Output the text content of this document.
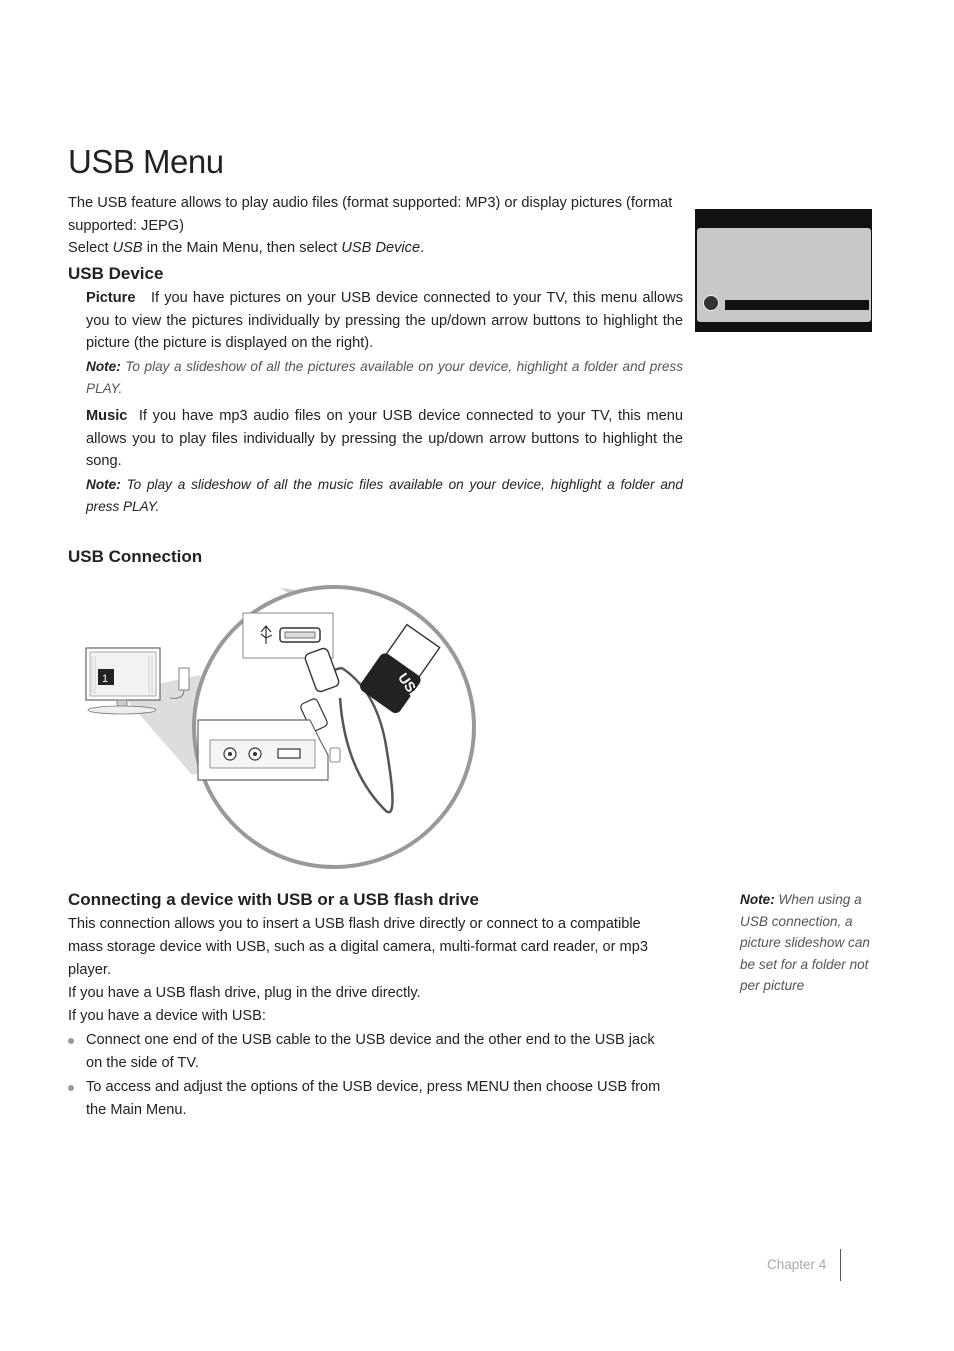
USB Menu
The USB feature allows to play audio files (format supported: MP3) or display pictures (format supported: JEPG)
Select USB in the Main Menu, then select USB Device.
USB Device
Picture If you have pictures on your USB device connected to your TV, this menu allows you to view the pictures individually by pressing the up/down arrow buttons to highlight the picture (the picture is displayed on the right).
Note: To play a slideshow of all the pictures available on your device, highlight a folder and press PLAY.
Music If you have mp3 audio files on your USB device connected to your TV, this menu allows you to play files individually by pressing the up/down arrow buttons to highlight the song.
Note: To play a slideshow of all the music files available on your device, highlight a folder and press PLAY.
USB Connection
USB
1
Connecting a device with USB or a USB flash drive
This connection allows you to insert a USB flash drive directly or connect to a compatible mass storage device with USB, such as a digital camera, multi-format card reader, or mp3 player.
If you have a USB flash drive, plug in the drive directly.
If you have a device with USB:
Connect one end of the USB cable to the USB device and the other end to the USB jack on the side of TV.
To access and adjust the options of the USB device, press MENU then choose USB from the Main Menu.
Note: When using a USB connection, a picture slideshow can be set for a folder not per picture
Chapter 4
